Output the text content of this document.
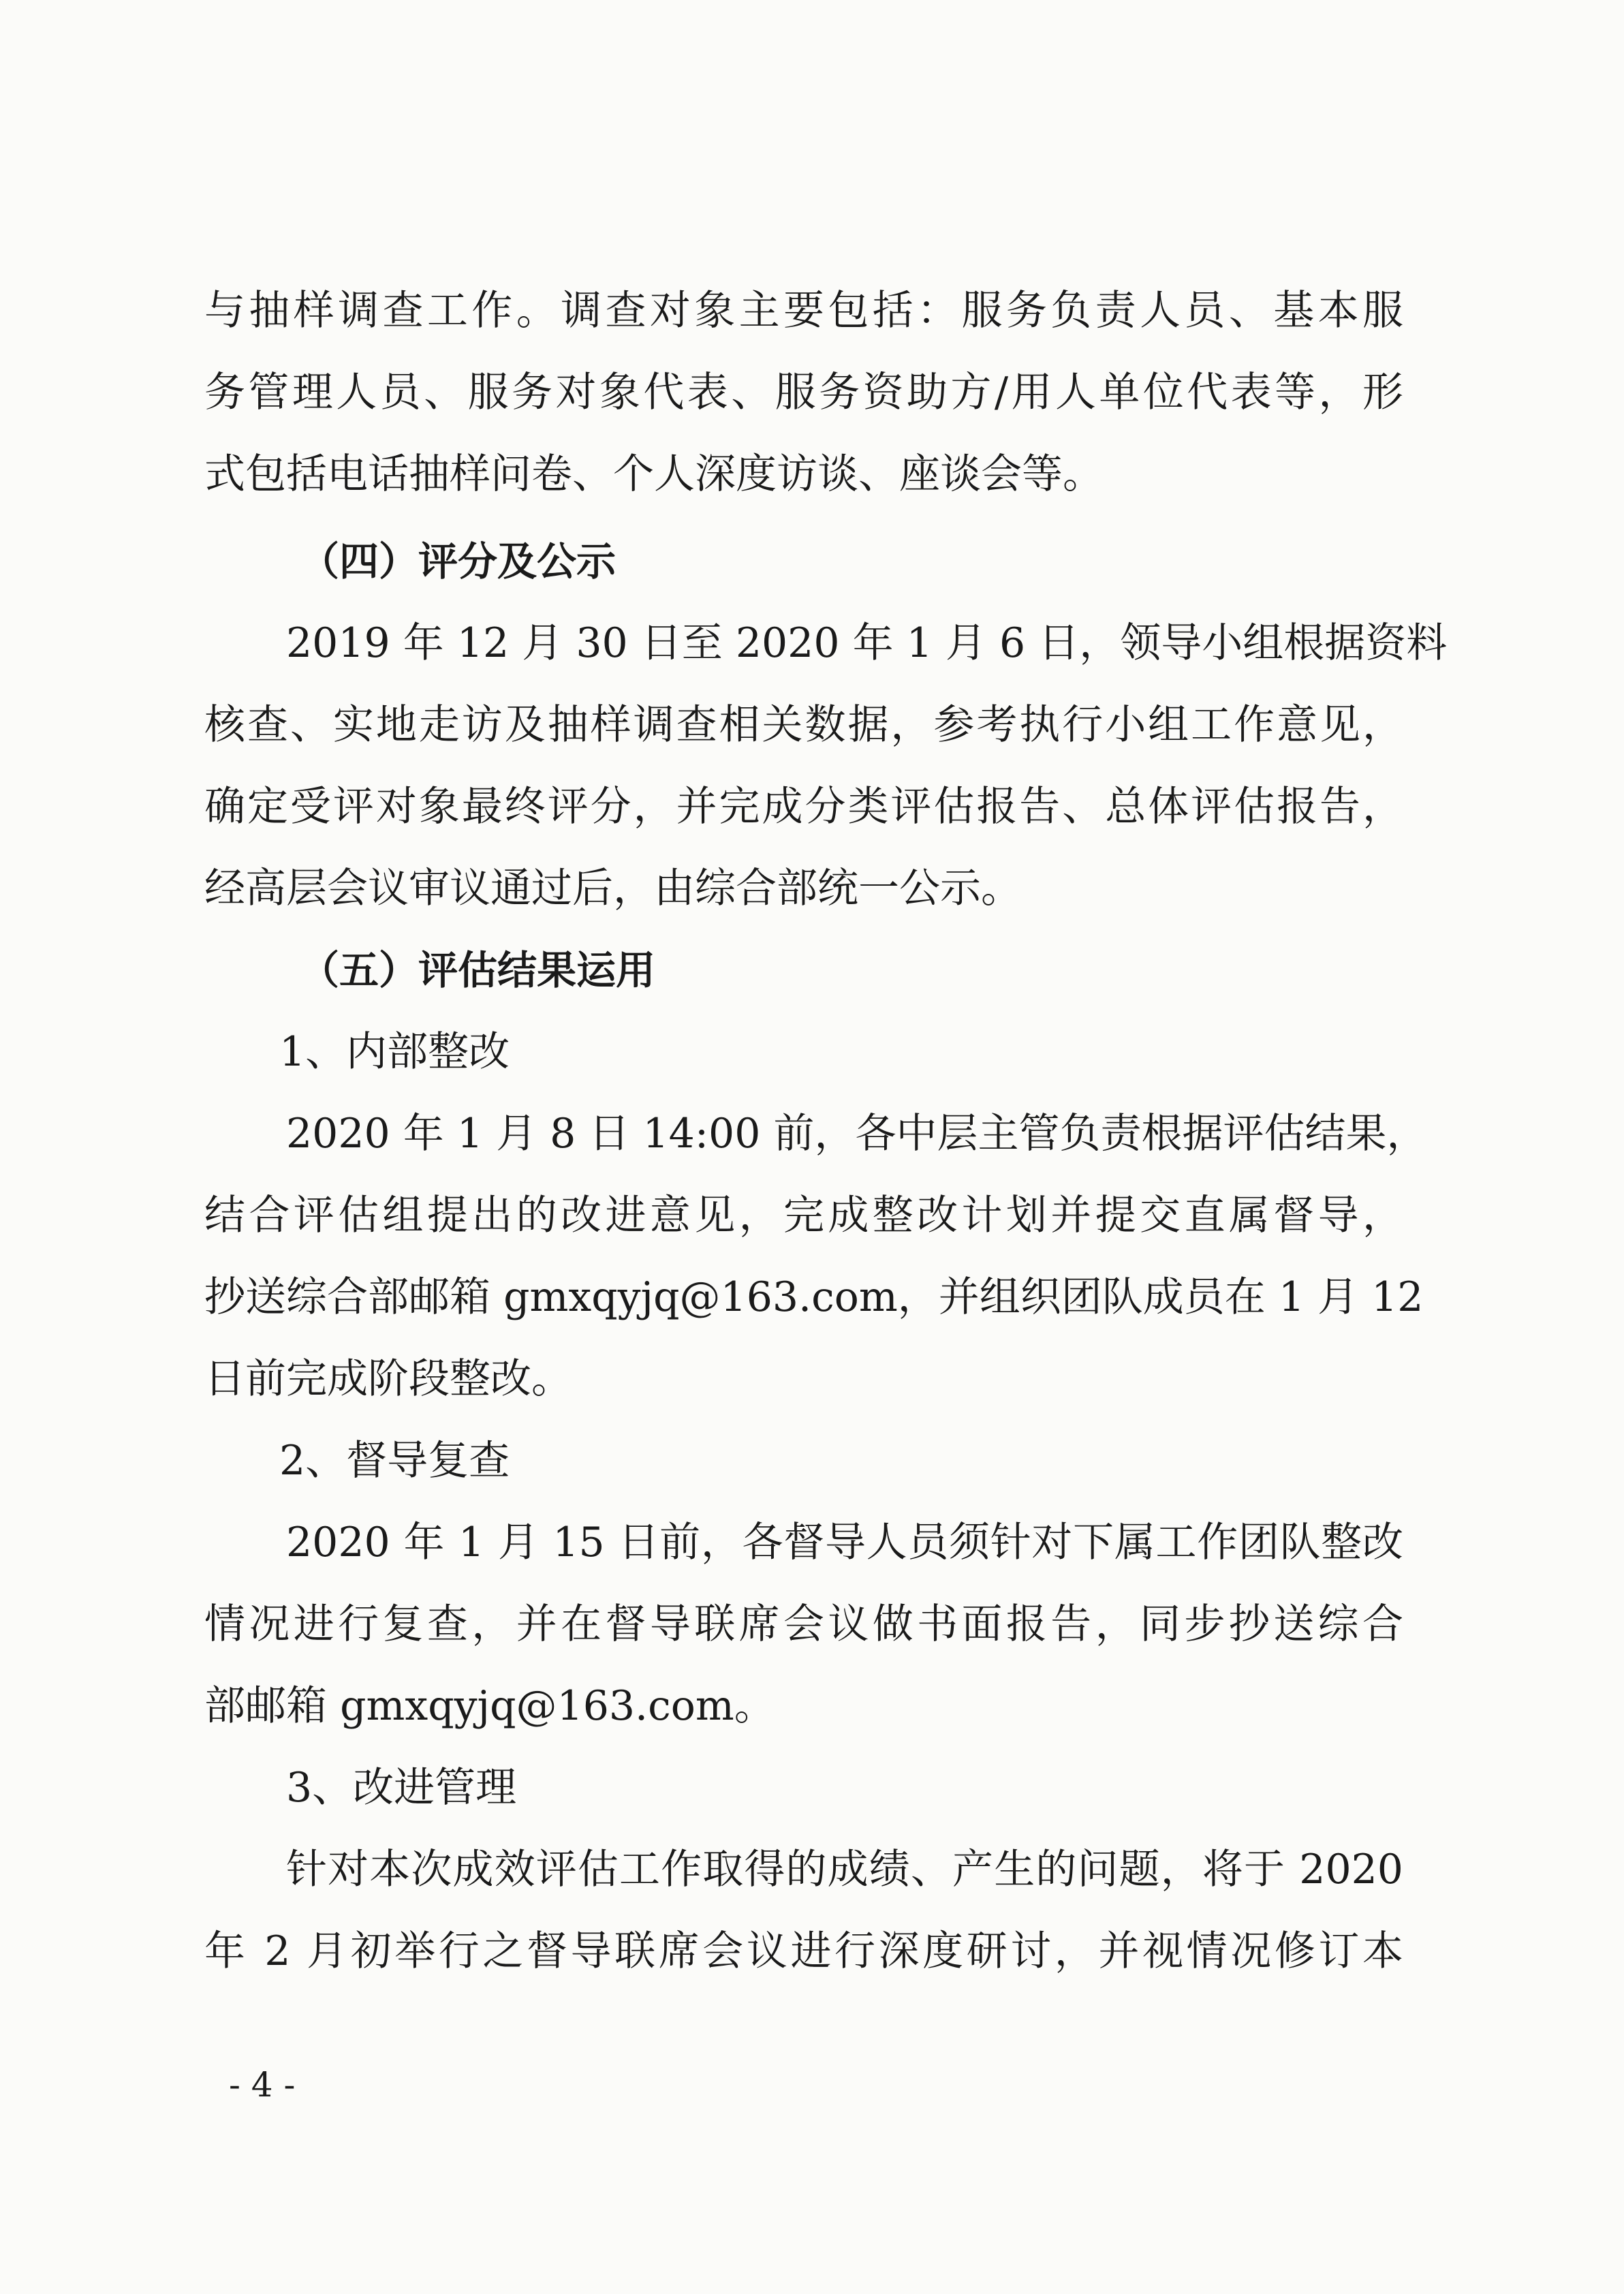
与抽样调查工作。调查对象主要包括：服务负责人员、基本服
务管理人员、服务对象代表、服务资助方/用人单位代表等，形
式包括电话抽样问卷、个人深度访谈、座谈会等。
（四）评分及公示
2019 年 12 月 30 日至 2020 年 1 月 6 日，领导小组根据资料
核查、实地走访及抽样调查相关数据，参考执行小组工作意见，
确定受评对象最终评分，并完成分类评估报告、总体评估报告，
经高层会议审议通过后，由综合部统一公示。
（五）评估结果运用
1、内部整改
2020 年 1 月 8 日 14:00 前，各中层主管负责根据评估结果，
结合评估组提出的改进意见，完成整改计划并提交直属督导，
抄送综合部邮箱 gmxqyjq@163.com，并组织团队成员在 1 月 12
日前完成阶段整改。
2、督导复查
2020 年 1 月 15 日前，各督导人员须针对下属工作团队整改
情况进行复查，并在督导联席会议做书面报告，同步抄送综合
部邮箱 gmxqyjq@163.com。
3、改进管理
针对本次成效评估工作取得的成绩、产生的问题，将于 2020
年 2 月初举行之督导联席会议进行深度研讨，并视情况修订本
- 4 -
